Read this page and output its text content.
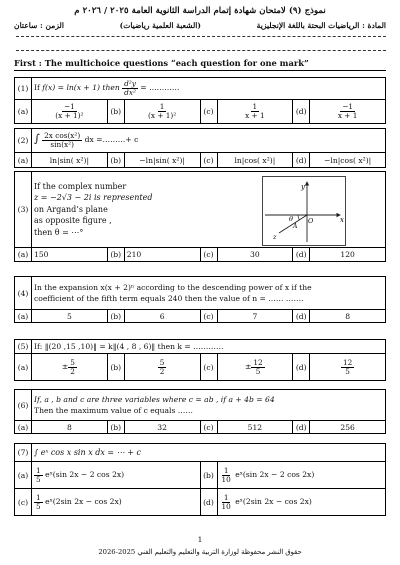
نموذج (٩) لامتحان شهادة إتمام الدراسة الثانوية العامة ٢٠٢٥ / ٢٠٢٦ م
المادة : الرياضيات البحتة باللغة الإنجليزية
(الشعبة العلمية رياضيات)
الزمن : ساعتان
First : The multichoice questions “each question for one mark”
(1)	If f(x) = ln(x + 1) then $\frac{\text{d²y}}{\text{dx²}}$ = …………						
(a)	$\frac{-1}{\text{(x + 1)²}}$	(b)	$\frac{1}{\text{(x + 1)²}}$	(c)	$\frac{1}{x + 1}$	(d)	$\frac{-1}{x + 1}$
(2)	∫ $\frac{\text{2x cos(x²)}}{\text{sin(x²)}}$ dx =………+ c						
(a)	ln|sin( x²)|	(b)	−ln|sin( x²)|	(c)	ln|cos( x²)|	(d)	−ln|cos( x²)|
(3)	If the complex number
z = −2√3 − 2i is represented
on Argand’s plane
as opposite figure ,
then θ = ⋯°						

(a)	150	(b)	210	(c)	30	(d)	120
y
x
O
θ
A
z
(4)	In the expansion x(x + 2)ⁿ according to the descending power of x if the
coefficient of the fifth term equals 240 then the value of n = …… …….						

(a)	5	(b)	6	(c)	7	(d)	8
(5)	If: ‖(20 ,15 ,10)‖ = k‖(4 , 8 , 6)‖ then k = …………						
(a)	± $\frac{5}{2}$	(b)	$\frac{5}{2}$	(c)	± $\frac{12}{5}$	(d)	$\frac{12}{5}$
(6)	If, a , b and c are three variables where c = ab , if a + 4b = 64
Then the maximum value of c equals ……						

(a)	8	(b)	32	(c)	512	(d)	256
(7)	∫ eˣ cos x sin x dx = ⋯ + c		
(a)	$\frac{1}{5}$ eˣ(sin 2x − 2 cos 2x)	(b)	$\frac{1}{10}$ eˣ(sin 2x − 2 cos 2x)
(c)	$\frac{1}{5}$ eˣ(2sin 2x − cos 2x)	(d)	$\frac{1}{10}$ eˣ(2sin 2x − cos 2x)
1
حقوق النشر محفوظة لوزارة التربية والتعليم والتعليم الفني 2025-2026
